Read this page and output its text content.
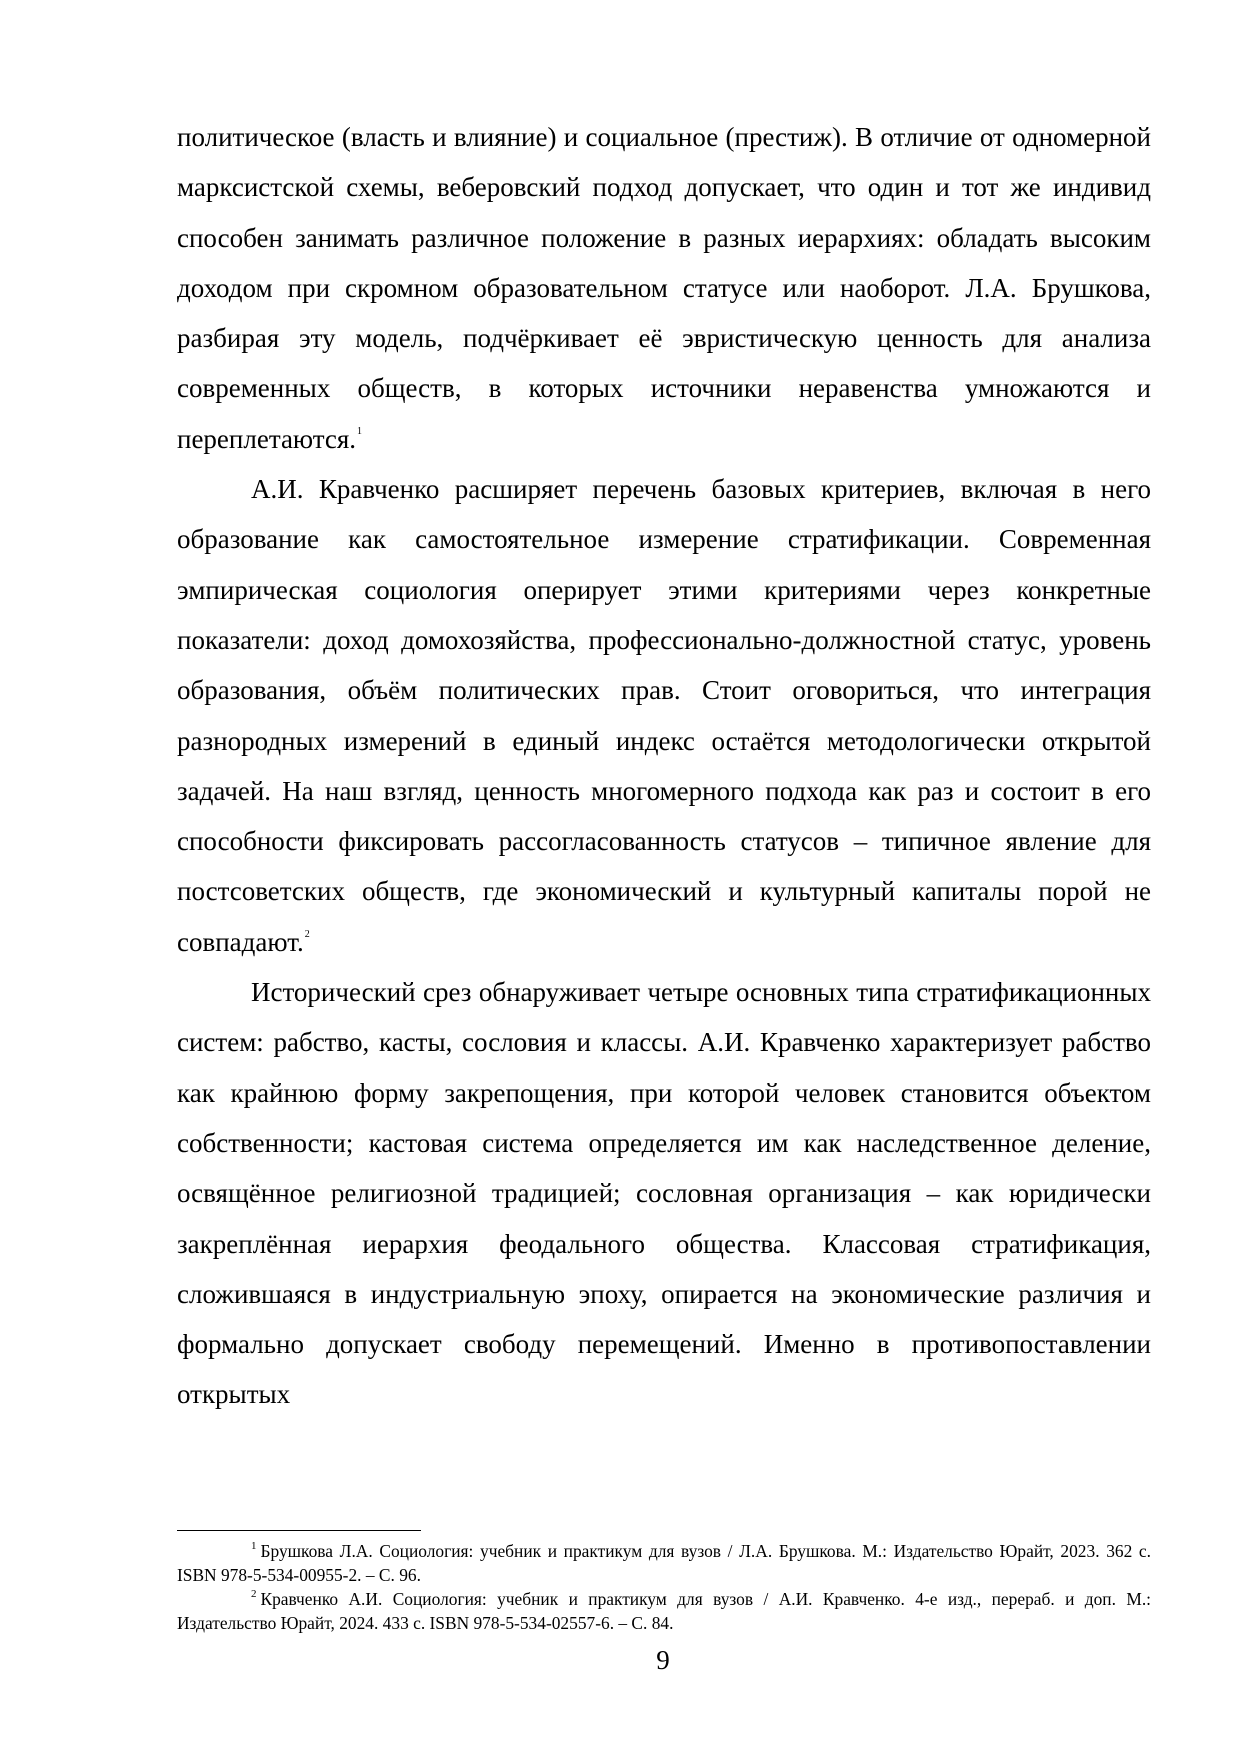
политическое (власть и влияние) и социальное (престиж). В отличие от одномерной марксистской схемы, веберовский подход допускает, что один и тот же индивид способен занимать различное положение в разных иерархиях: обладать высоким доходом при скромном образовательном статусе или наоборот. Л.А. Брушкова, разбирая эту модель, подчёркивает её эвристическую ценность для анализа современных обществ, в которых источники неравенства умножаются и переплетаются.$^1$

А.И. Кравченко расширяет перечень базовых критериев, включая в него образование как самостоятельное измерение стратификации. Современная эмпирическая социология оперирует этими критериями через конкретные показатели: доход домохозяйства, профессионально-должностной статус, уровень образования, объём политических прав. Стоит оговориться, что интеграция разнородных измерений в единый индекс остаётся методологически открытой задачей. На наш взгляд, ценность многомерного подхода как раз и состоит в его способности фиксировать рассогласованность статусов – типичное явление для постсоветских обществ, где экономический и культурный капиталы порой не совпадают.$^2$

Исторический срез обнаруживает четыре основных типа стратификационных систем: рабство, касты, сословия и классы. А.И. Кравченко характеризует рабство как крайнюю форму закрепощения, при которой человек становится объектом собственности; кастовая система определяется им как наследственное деление, освящённое религиозной традицией; сословная организация – как юридически закреплённая иерархия феодального общества. Классовая стратификация, сложившаяся в индустриальную эпоху, опирается на экономические различия и формально допускает свободу перемещений. Именно в противопоставлении открытых

$^1$ Брушкова Л.А. Социология: учебник и практикум для вузов / Л.А. Брушкова. М.: Издательство Юрайт, 2023. 362 с. ISBN 978-5-534-00955-2. – С. 96.

$^2$ Кравченко А.И. Социология: учебник и практикум для вузов / А.И. Кравченко. 4-е изд., перераб. и доп. М.: Издательство Юрайт, 2024. 433 с. ISBN 978-5-534-02557-6. – С. 84.

9
